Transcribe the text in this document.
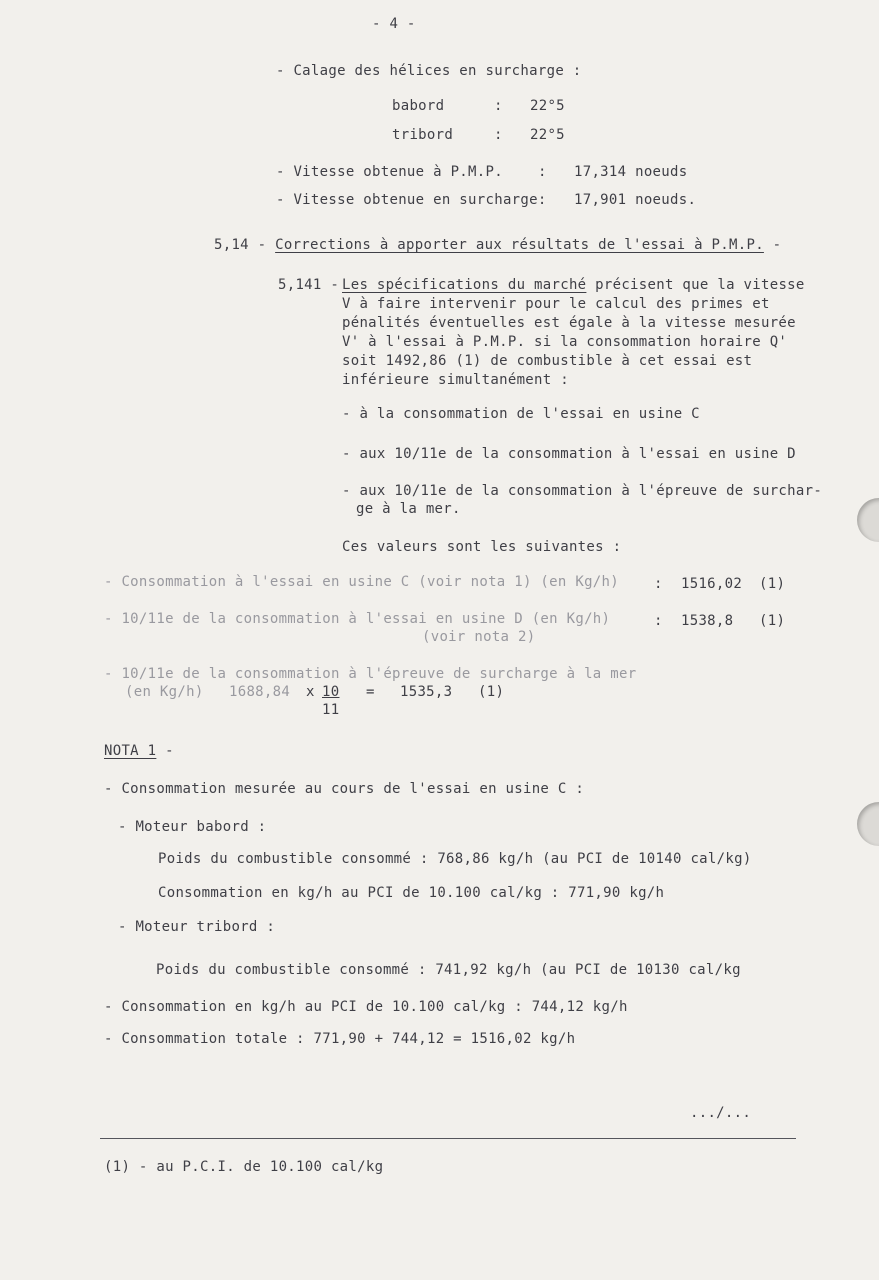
- 4 -
- Calage des hélices en surcharge :
babord	: 22°5
tribord	: 22°5
- Vitesse obtenue à P.M.P.	: 17,314 noeuds
- Vitesse obtenue en surcharge: 17,901 noeuds.
5,14 - Corrections à apporter aux résultats de l'essai à P.M.P. -
5,141 - Les spécifications du marché précisent que la vitesse
V à faire intervenir pour le calcul des primes et
pénalités éventuelles est égale à la vitesse mesurée
V' à l'essai à P.M.P. si la consommation horaire Q'
soit 1492,86 (1) de combustible à cet essai est
inférieure simultanément :
- à la consommation de l'essai en usine C
- aux 10/11e de la consommation à l'essai en usine D
- aux 10/11e de la consommation à l'épreuve de surchar-
ge à la mer.
Ces valeurs sont les suivantes :
- Consommation à l'essai en usine C (voir nota 1) (en Kg/h)	: 1516,02 (1)
- 10/11e de la consommation à l'essai en usine D (en Kg/h)
(voir nota 2)
: 1538,8 (1)
- 10/11e de la consommation à l'épreuve de surcharge à la mer
(en Kg/h) 1688,84 x $\frac{10}{11} = 1535,3$ (1)
NOTA 1 -
- Consommation mesurée au cours de l'essai en usine C :
- Moteur babord :
Poids du combustible consommé : 768,86 kg/h (au PCI de 10140 cal/kg)
Consommation en kg/h au PCI de 10.100 cal/kg : 771,90 kg/h
- Moteur tribord :
Poids du combustible consommé : 741,92 kg/h (au PCI de 10130 cal/kg
- Consommation en kg/h au PCI de 10.100 cal/kg : 744,12 kg/h
- Consommation totale : 771,90 + 744,12 = 1516,02 kg/h
.../...
(1) - au P.C.I. de 10.100 cal/kg
